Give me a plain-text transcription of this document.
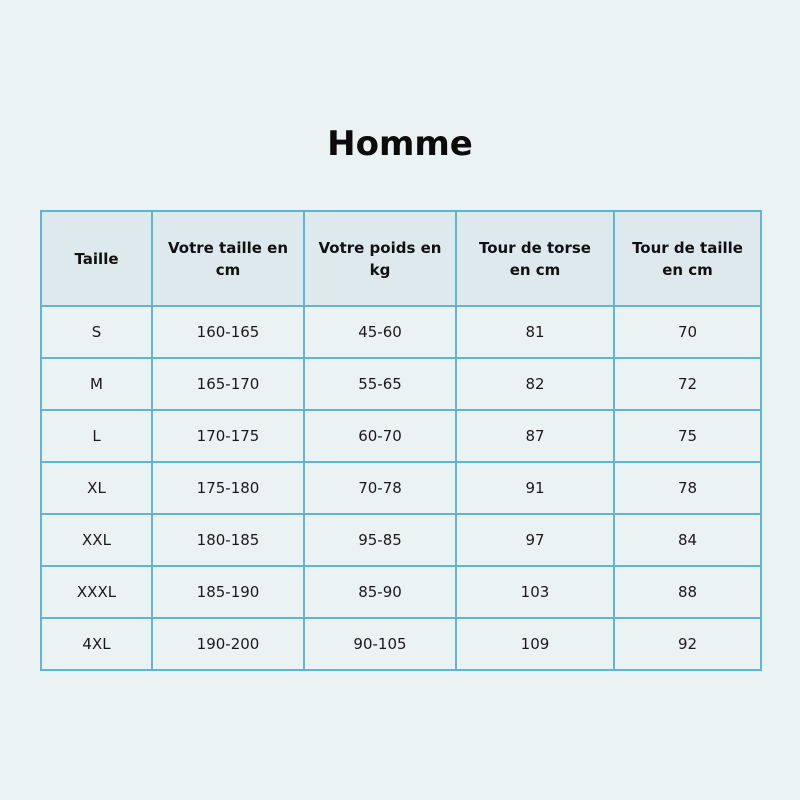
Homme
Taille	Votre taille en cm	Votre poids en kg	Tour de torse en cm	Tour de taille en cm
S	160-165	45-60	81	70
M	165-170	55-65	82	72
L	170-175	60-70	87	75
XL	175-180	70-78	91	78
XXL	180-185	95-85	97	84
XXXL	185-190	85-90	103	88
4XL	190-200	90-105	109	92
